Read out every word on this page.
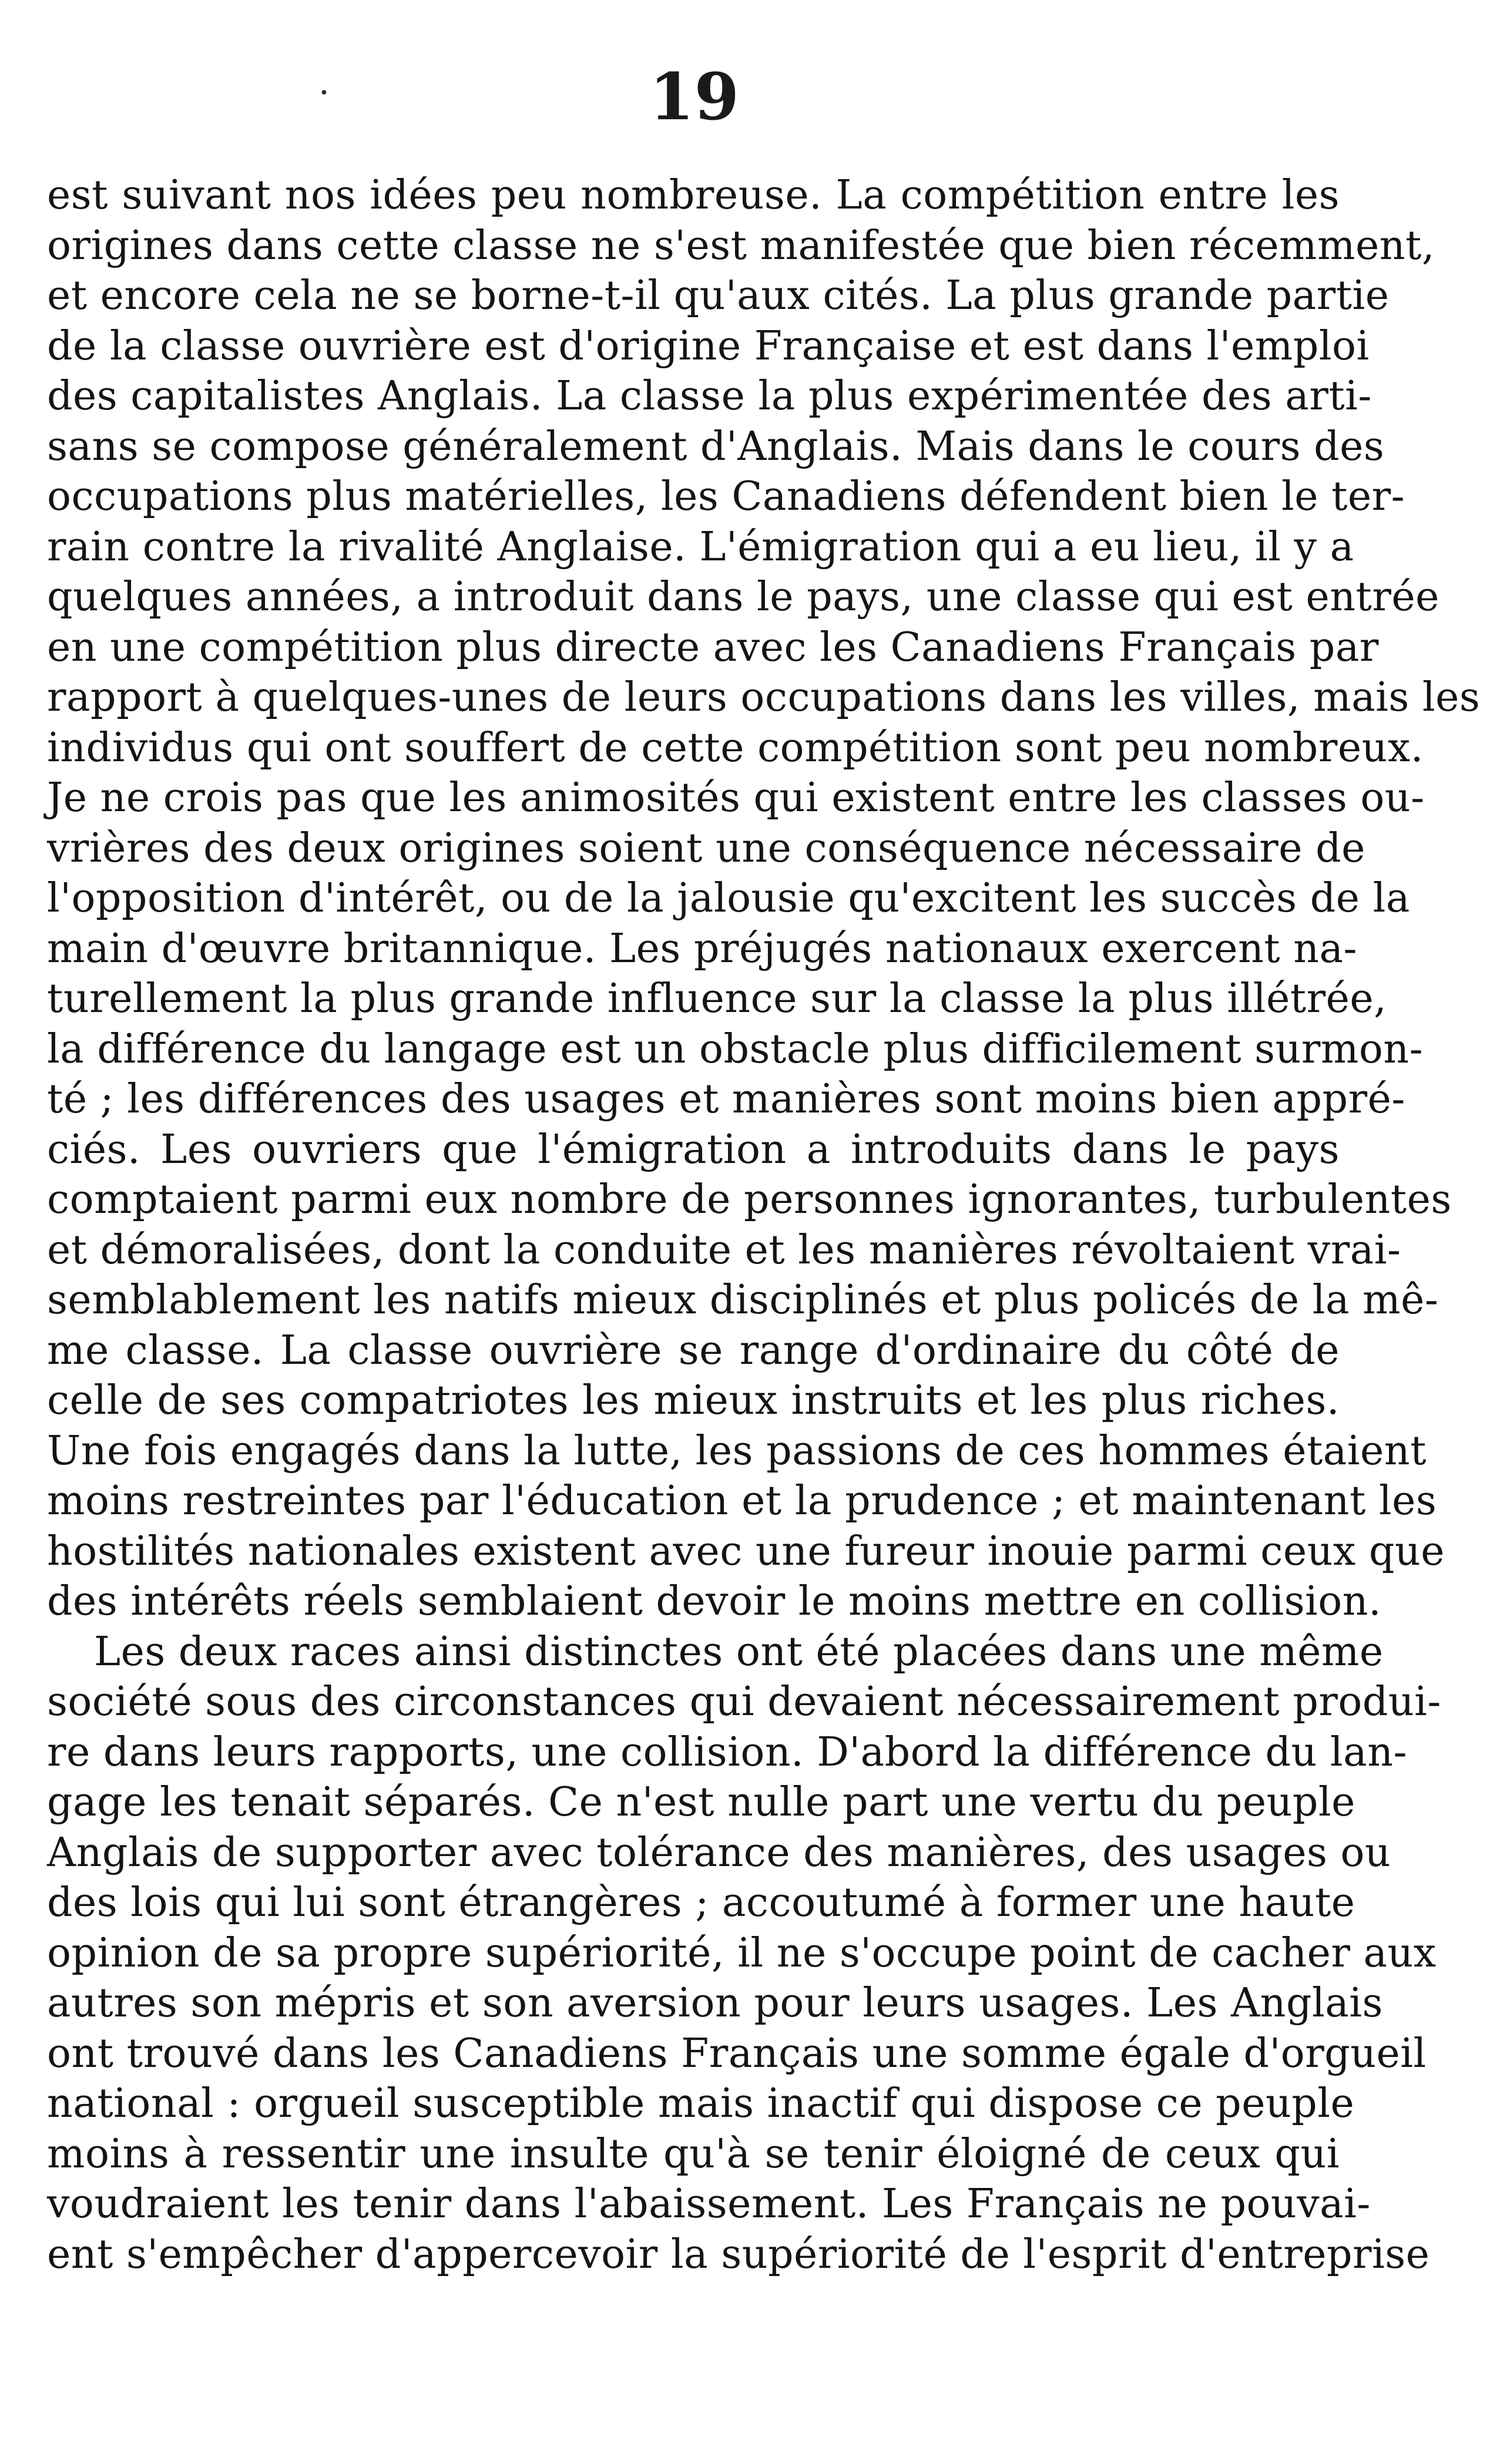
·	19
est suivant nos idées peu nombreuse. La compétition entre les
origines dans cette classe ne s'est manifestée que bien récemment,
et encore cela ne se borne-t-il qu'aux cités. La plus grande partie
de la classe ouvrière est d'origine Française et est dans l'emploi
des capitalistes Anglais. La classe la plus expérimentée des arti-
sans se compose généralement d'Anglais. Mais dans le cours des
occupations plus matérielles, les Canadiens défendent bien le ter-
rain contre la rivalité Anglaise. L'émigration qui a eu lieu, il y a
quelques années, a introduit dans le pays, une classe qui est entrée
en une compétition plus directe avec les Canadiens Français par
rapport à quelques-unes de leurs occupations dans les villes, mais les
individus qui ont souffert de cette compétition sont peu nombreux.
Je ne crois pas que les animosités qui existent entre les classes ou-
vrières des deux origines soient une conséquence nécessaire de
l'opposition d'intérêt, ou de la jalousie qu'excitent les succès de la
main d'œuvre britannique. Les préjugés nationaux exercent na-
turellement la plus grande influence sur la classe la plus illétrée,
la différence du langage est un obstacle plus difficilement surmon-
té ; les différences des usages et manières sont moins bien appré-
ciés. Les ouvriers que l'émigration a introduits dans le pays
comptaient parmi eux nombre de personnes ignorantes, turbulentes
et démoralisées, dont la conduite et les manières révoltaient vrai-
semblablement les natifs mieux disciplinés et plus policés de la mê-
me classe. La classe ouvrière se range d'ordinaire du côté de
celle de ses compatriotes les mieux instruits et les plus riches.
Une fois engagés dans la lutte, les passions de ces hommes étaient
moins restreintes par l'éducation et la prudence ; et maintenant les
hostilités nationales existent avec une fureur inouie parmi ceux que
des intérêts réels semblaient devoir le moins mettre en collision.
Les deux races ainsi distinctes ont été placées dans une même
société sous des circonstances qui devaient nécessairement produi-
re dans leurs rapports, une collision. D'abord la différence du lan-
gage les tenait séparés. Ce n'est nulle part une vertu du peuple
Anglais de supporter avec tolérance des manières, des usages ou
des lois qui lui sont étrangères ; accoutumé à former une haute
opinion de sa propre supériorité, il ne s'occupe point de cacher aux
autres son mépris et son aversion pour leurs usages. Les Anglais
ont trouvé dans les Canadiens Français une somme égale d'orgueil
national : orgueil susceptible mais inactif qui dispose ce peuple
moins à ressentir une insulte qu'à se tenir éloigné de ceux qui
voudraient les tenir dans l'abaissement. Les Français ne pouvai-
ent s'empêcher d'appercevoir la supériorité de l'esprit d'entreprise
